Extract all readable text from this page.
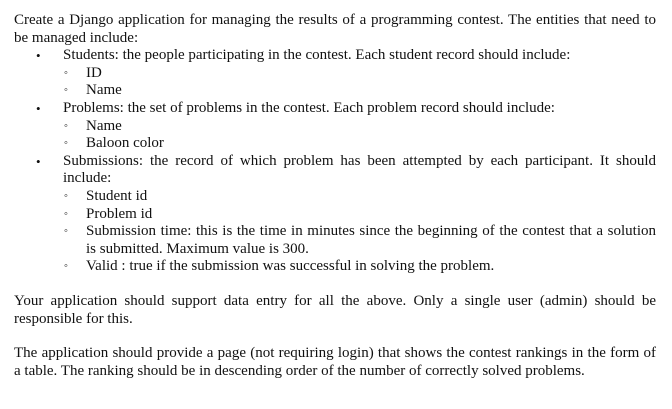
Create a Django application for managing the results of a programming contest. The entities that need to be managed include:

• Students: the people participating in the contest. Each student record should include:
◦ ID
◦ Name
• Problems: the set of problems in the contest. Each problem record should include:
◦ Name
◦ Baloon color
• Submissions: the record of which problem has been attempted by each participant. It should include:
◦ Student id
◦ Problem id
◦ Submission time: this is the time in minutes since the beginning of the contest that a solution is submitted. Maximum value is 300.
◦ Valid : true if the submission was successful in solving the problem.

Your application should support data entry for all the above. Only a single user (admin) should be responsible for this.

The application should provide a page (not requiring login) that shows the contest rankings in the form of a table. The ranking should be in descending order of the number of correctly solved problems.
